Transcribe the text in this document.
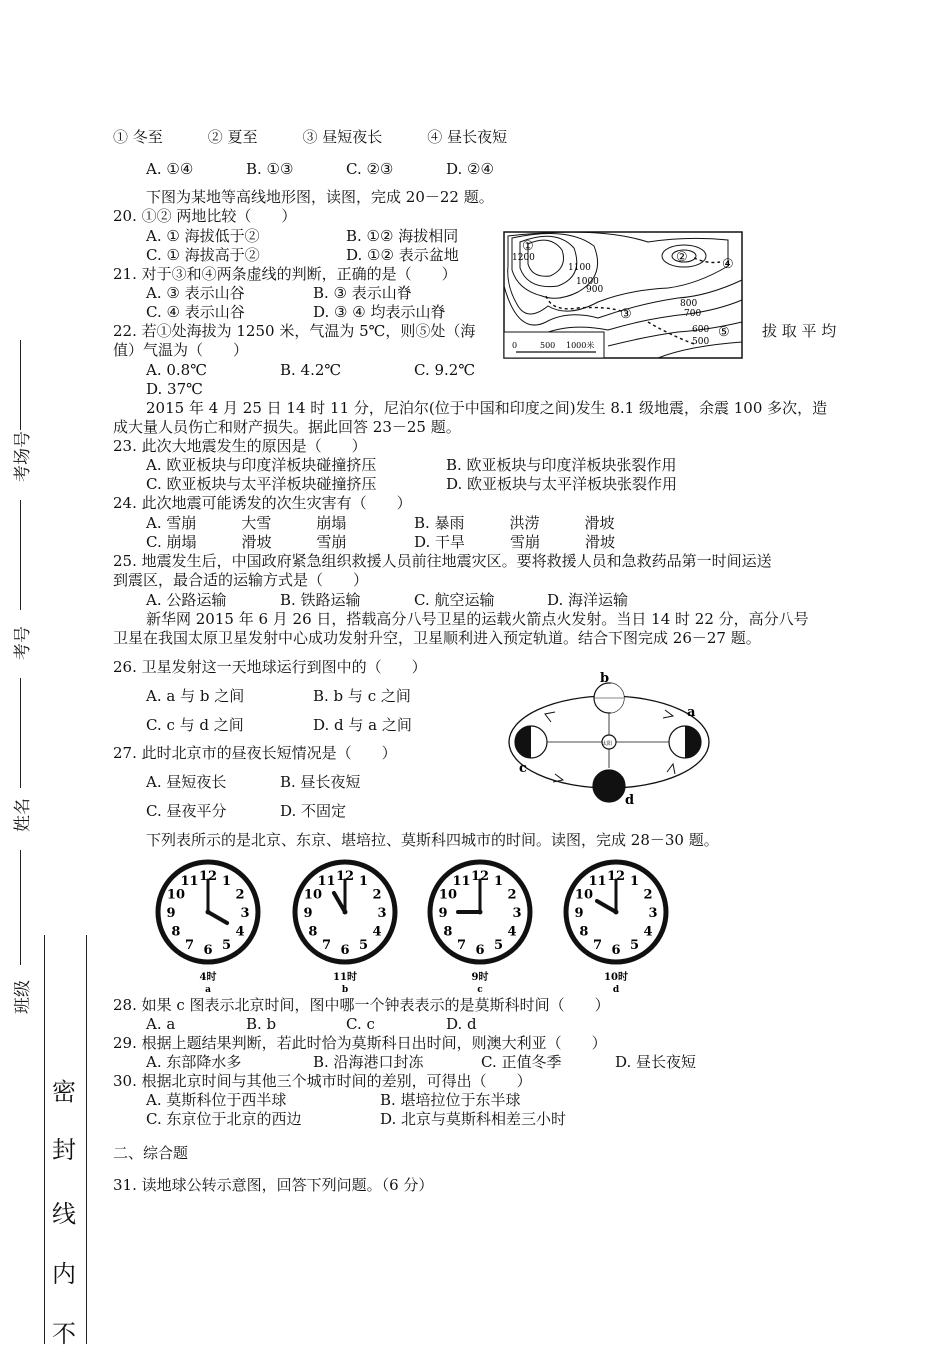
考场号
考号
姓名
班级
密
封
线
内
不
① 冬至　　　② 夏至　　　③ 昼短夜长　　　④ 昼长夜短
A. ①④	B. ①③	C. ②③	D. ②④
下图为某地等高线地形图，读图，完成 20－22 题。
20. ①② 两地比较（　　）
A. ① 海拔低于②	B. ①② 海拔相同
C. ① 海拔高于②	D. ①② 表示盆地
21. 对于③和④两条虚线的判断，正确的是（　　）
A. ③ 表示山谷	B. ③ 表示山脊
C. ④ 表示山谷	D. ③ ④ 均表示山脊
22. 若①处海拔为 1250 米，气温为 5℃，则⑤处（海	拔 取 平 均
值）气温为（　　）
A. 0.8℃	B. 4.2℃	C. 9.2℃
D. 37℃
①
②
③
④
⑤
1200
1100
1000
900
800
700
600
500
0	500 1000米
2015 年 4 月 25 日 14 时 11 分，尼泊尔(位于中国和印度之间)发生 8.1 级地震，余震 100 多次，造
成大量人员伤亡和财产损失。据此回答 23－25 题。
23. 此次大地震发生的原因是（　　）
A. 欧亚板块与印度洋板块碰撞挤压	B. 欧亚板块与印度洋板块张裂作用
C. 欧亚板块与太平洋板块碰撞挤压	D. 欧亚板块与太平洋板块张裂作用
24. 此次地震可能诱发的次生灾害有（　　）
A. 雪崩　　　大雪　　　崩塌	B. 暴雨　　　洪涝　　　滑坡
C. 崩塌　　　滑坡　　　雪崩	D. 干旱　　　雪崩　　　滑坡
25. 地震发生后，中国政府紧急组织救援人员前往地震灾区。要将救援人员和急救药品第一时间运送
到震区，最合适的运输方式是（　　）
A. 公路运输	B. 铁路运输	C. 航空运输	D. 海洋运输
新华网 2015 年 6 月 26 日，搭载高分八号卫星的运载火箭点火发射。当日 14 时 22 分，高分八号
卫星在我国太原卫星发射中心成功发射升空，卫星顺利进入预定轨道。结合下图完成 26－27 题。
26. 卫星发射这一天地球运行到图中的（　　）
A. a 与 b 之间	B. b 与 c 之间
C. c 与 d 之间	D. d 与 a 之间
27. 此时北京市的昼夜长短情况是（　　）
A. 昼短夜长	B. 昼长夜短
C. 昼夜平分	D. 不固定
太阳
a
b
c
d
下列表所示的是北京、东京、堪培拉、莫斯科四城市的时间。读图，完成 28－30 题。
1
2
3
4
5
6
7
8
9
10
11 12
4时
a
1
2
3
4
5
6
7
8
9
10
11 12
11时
b
1
2
3
4
5
6
7
8
9
10
11 12
9时
c
1
2
3
4
5
6
7
8
9
10
11 12
10时
d
28. 如果 c 图表示北京时间，图中哪一个钟表表示的是莫斯科时间（　　）
A. a	B. b	C. c	D. d
29. 根据上题结果判断，若此时恰为莫斯科日出时间，则澳大利亚（　　）
A. 东部降水多	B. 沿海港口封冻	C. 正值冬季	D. 昼长夜短
30. 根据北京时间与其他三个城市时间的差别，可得出（　　）
A. 莫斯科位于西半球	B. 堪培拉位于东半球
C. 东京位于北京的西边	D. 北京与莫斯科相差三小时
二、综合题
31. 读地球公转示意图，回答下列问题。（6 分）
